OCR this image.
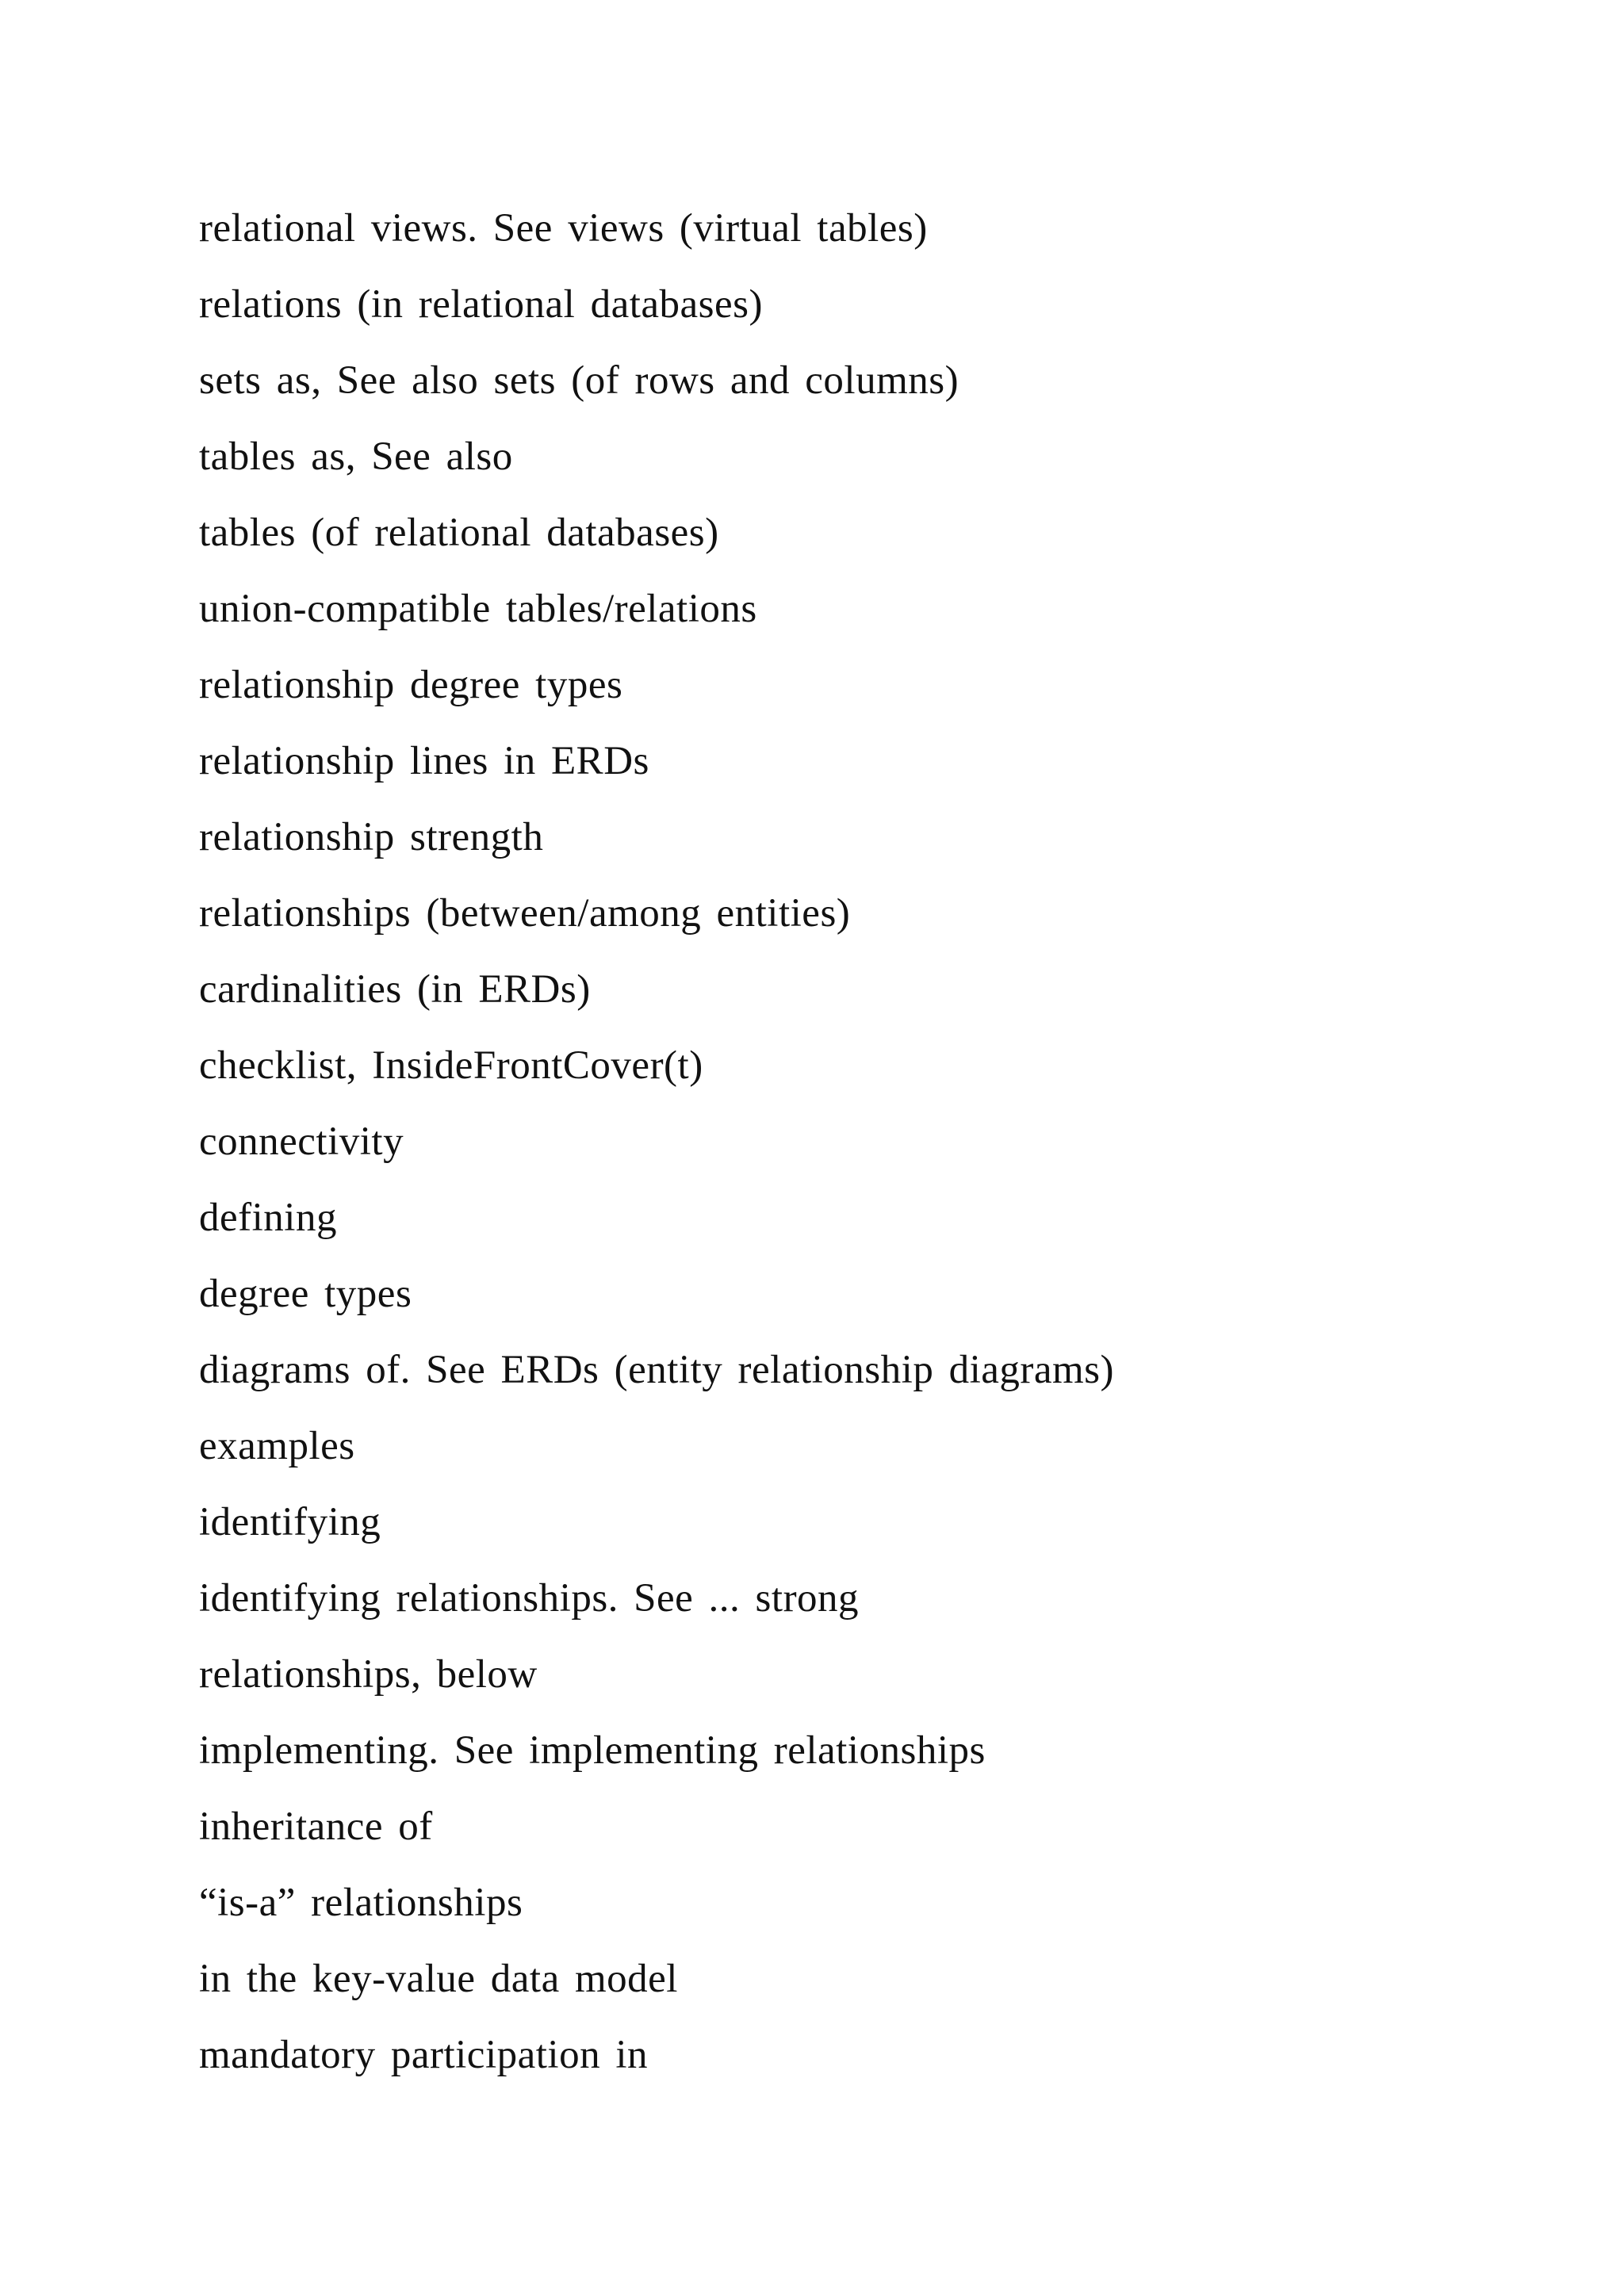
relational views. See views (virtual tables)
relations (in relational databases)
sets as, See also sets (of rows and columns)
tables as, See also
tables (of relational databases)
union-compatible tables/relations
relationship degree types
relationship lines in ERDs
relationship strength
relationships (between/among entities)
cardinalities (in ERDs)
checklist, InsideFrontCover(t)
connectivity
defining
degree types
diagrams of. See ERDs (entity relationship diagrams)
examples
identifying
identifying relationships. See ... strong
relationships, below
implementing. See implementing relationships
inheritance of
“is-a” relationships
in the key-value data model
mandatory participation in
